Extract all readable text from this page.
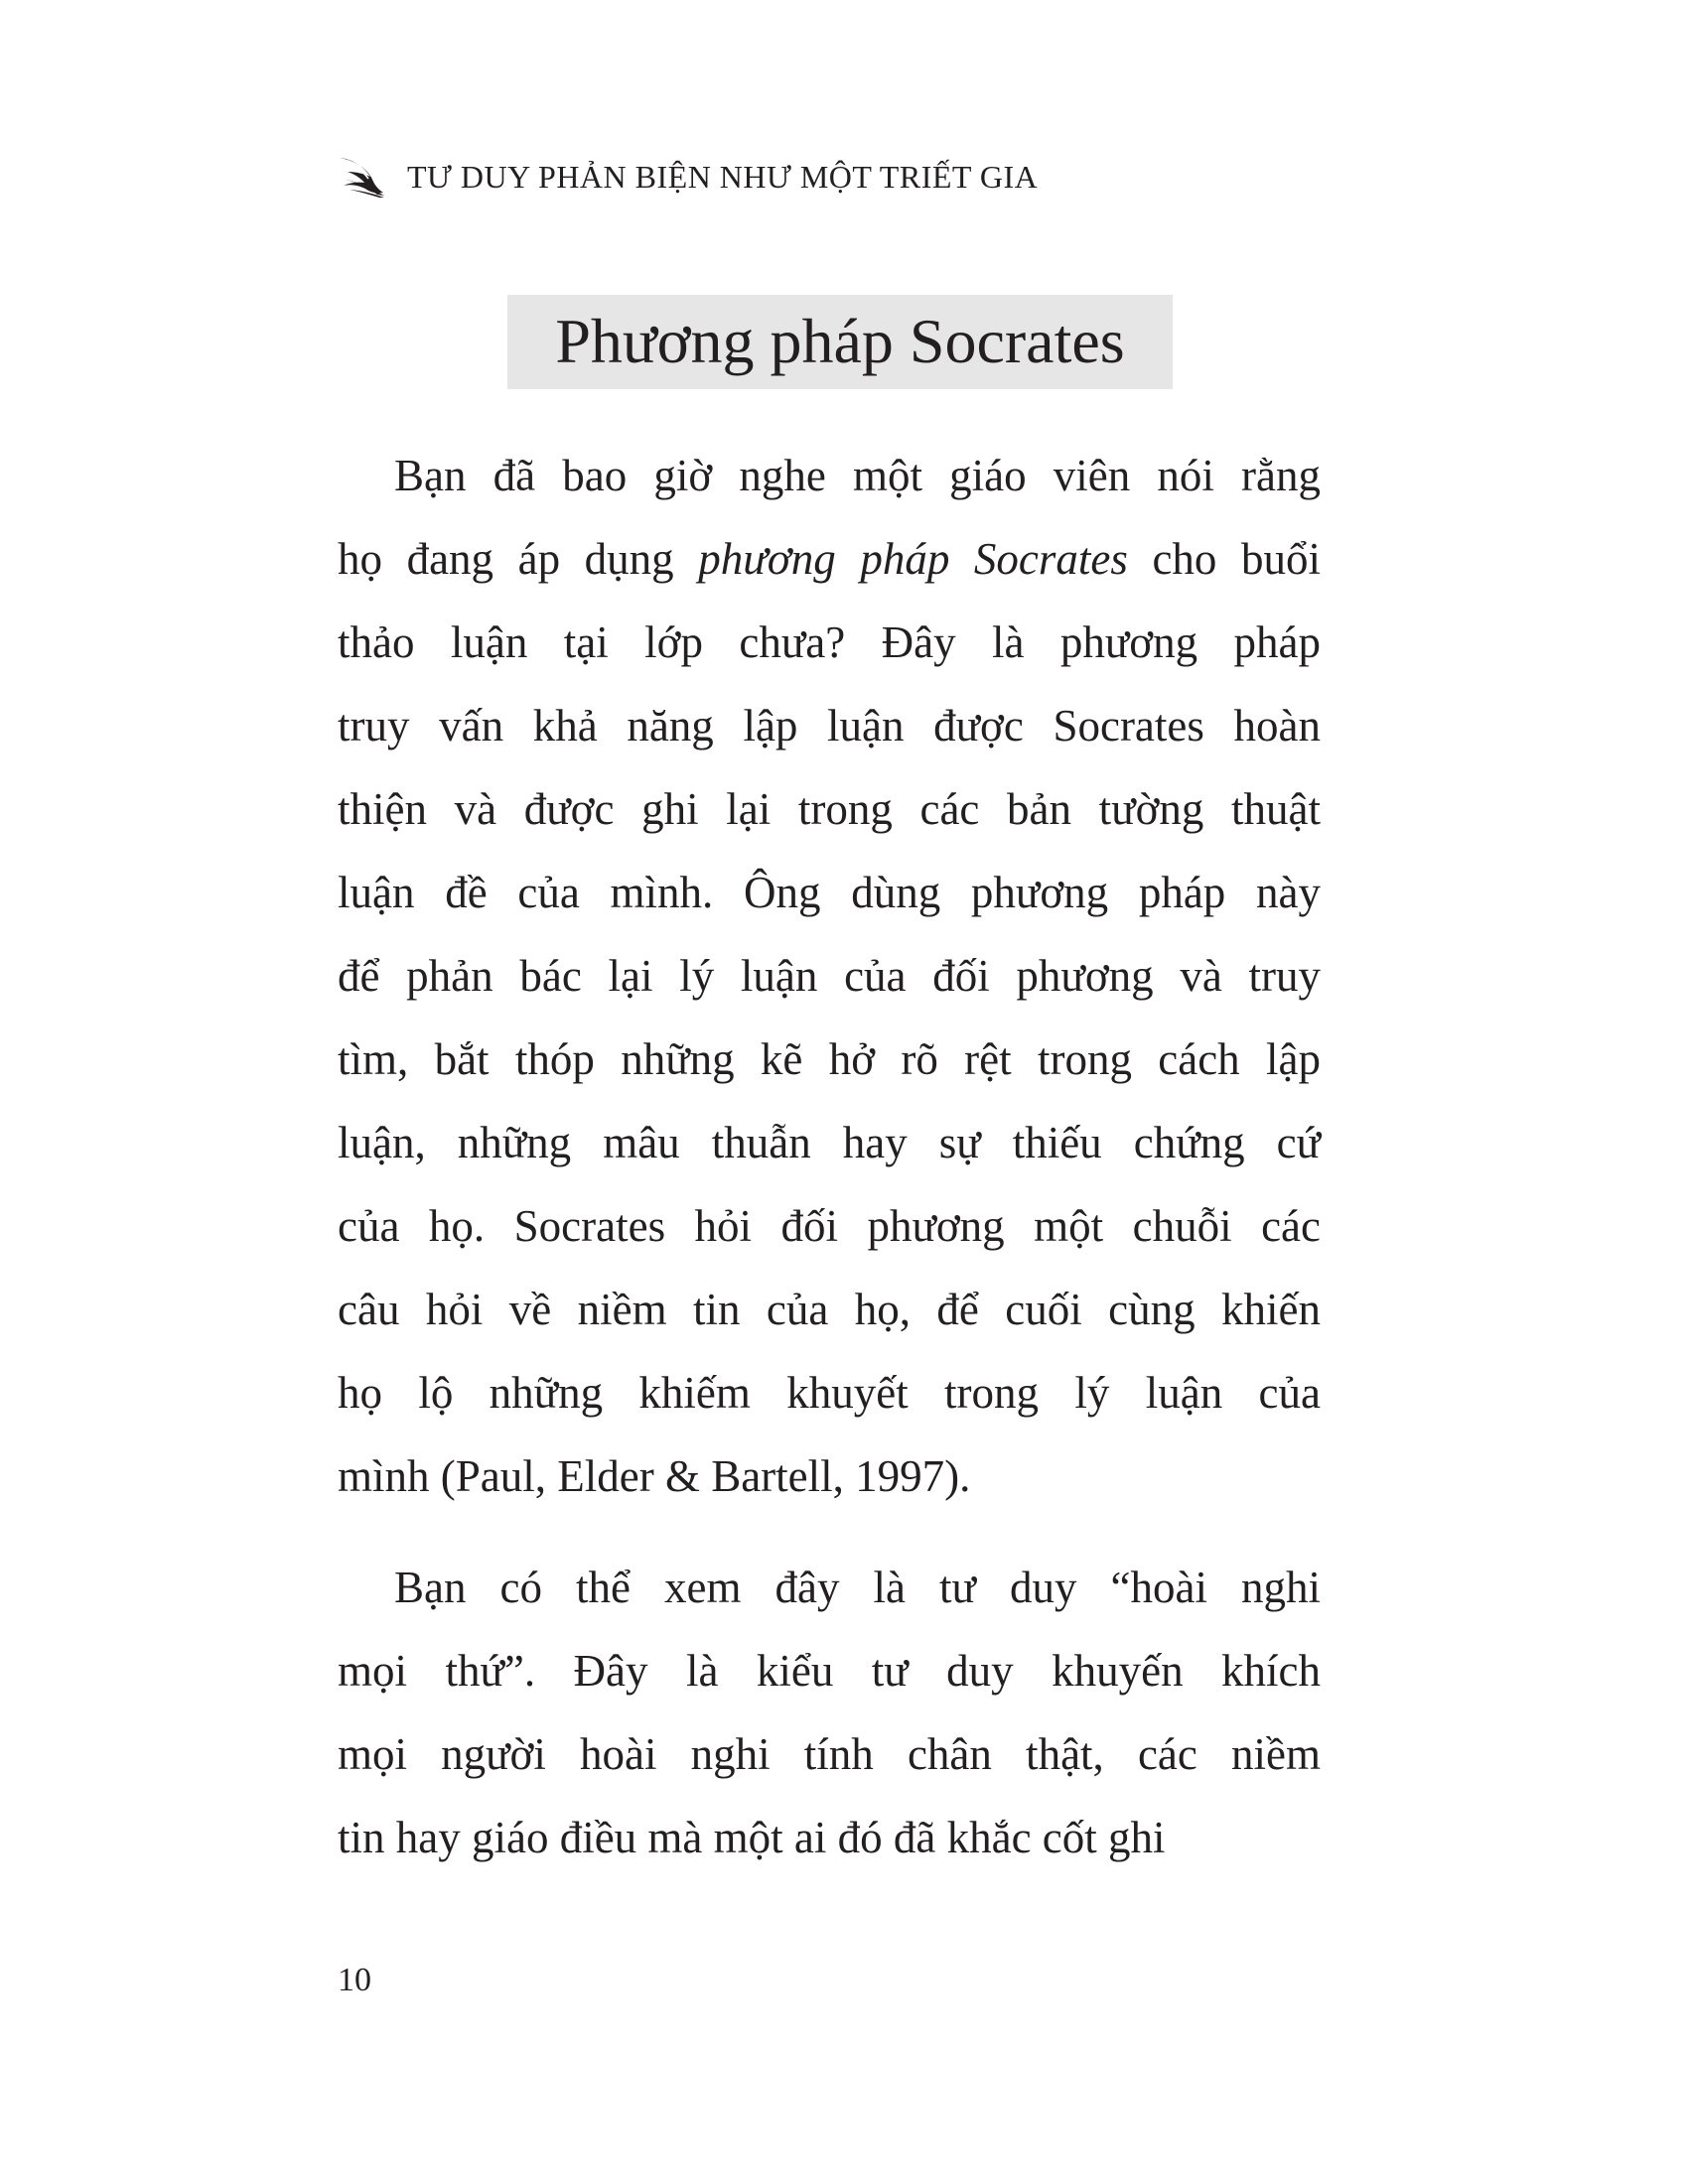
TƯ DUY PHẢN BIỆN NHƯ MỘT TRIẾT GIA
Phương pháp Socrates
Bạn đã bao giờ nghe một giáo viên nói rằng
họ đang áp dụng phương pháp Socrates cho buổi
thảo luận tại lớp chưa? Đây là phương pháp
truy vấn khả năng lập luận được Socrates hoàn
thiện và được ghi lại trong các bản tường thuật
luận đề của mình. Ông dùng phương pháp này
để phản bác lại lý luận của đối phương và truy
tìm, bắt thóp những kẽ hở rõ rệt trong cách lập
luận, những mâu thuẫn hay sự thiếu chứng cứ
của họ. Socrates hỏi đối phương một chuỗi các
câu hỏi về niềm tin của họ, để cuối cùng khiến
họ lộ những khiếm khuyết trong lý luận của
mình (Paul, Elder & Bartell, 1997).
Bạn có thể xem đây là tư duy “hoài nghi
mọi thứ”. Đây là kiểu tư duy khuyến khích
mọi người hoài nghi tính chân thật, các niềm
tin hay giáo điều mà một ai đó đã khắc cốt ghi
10
